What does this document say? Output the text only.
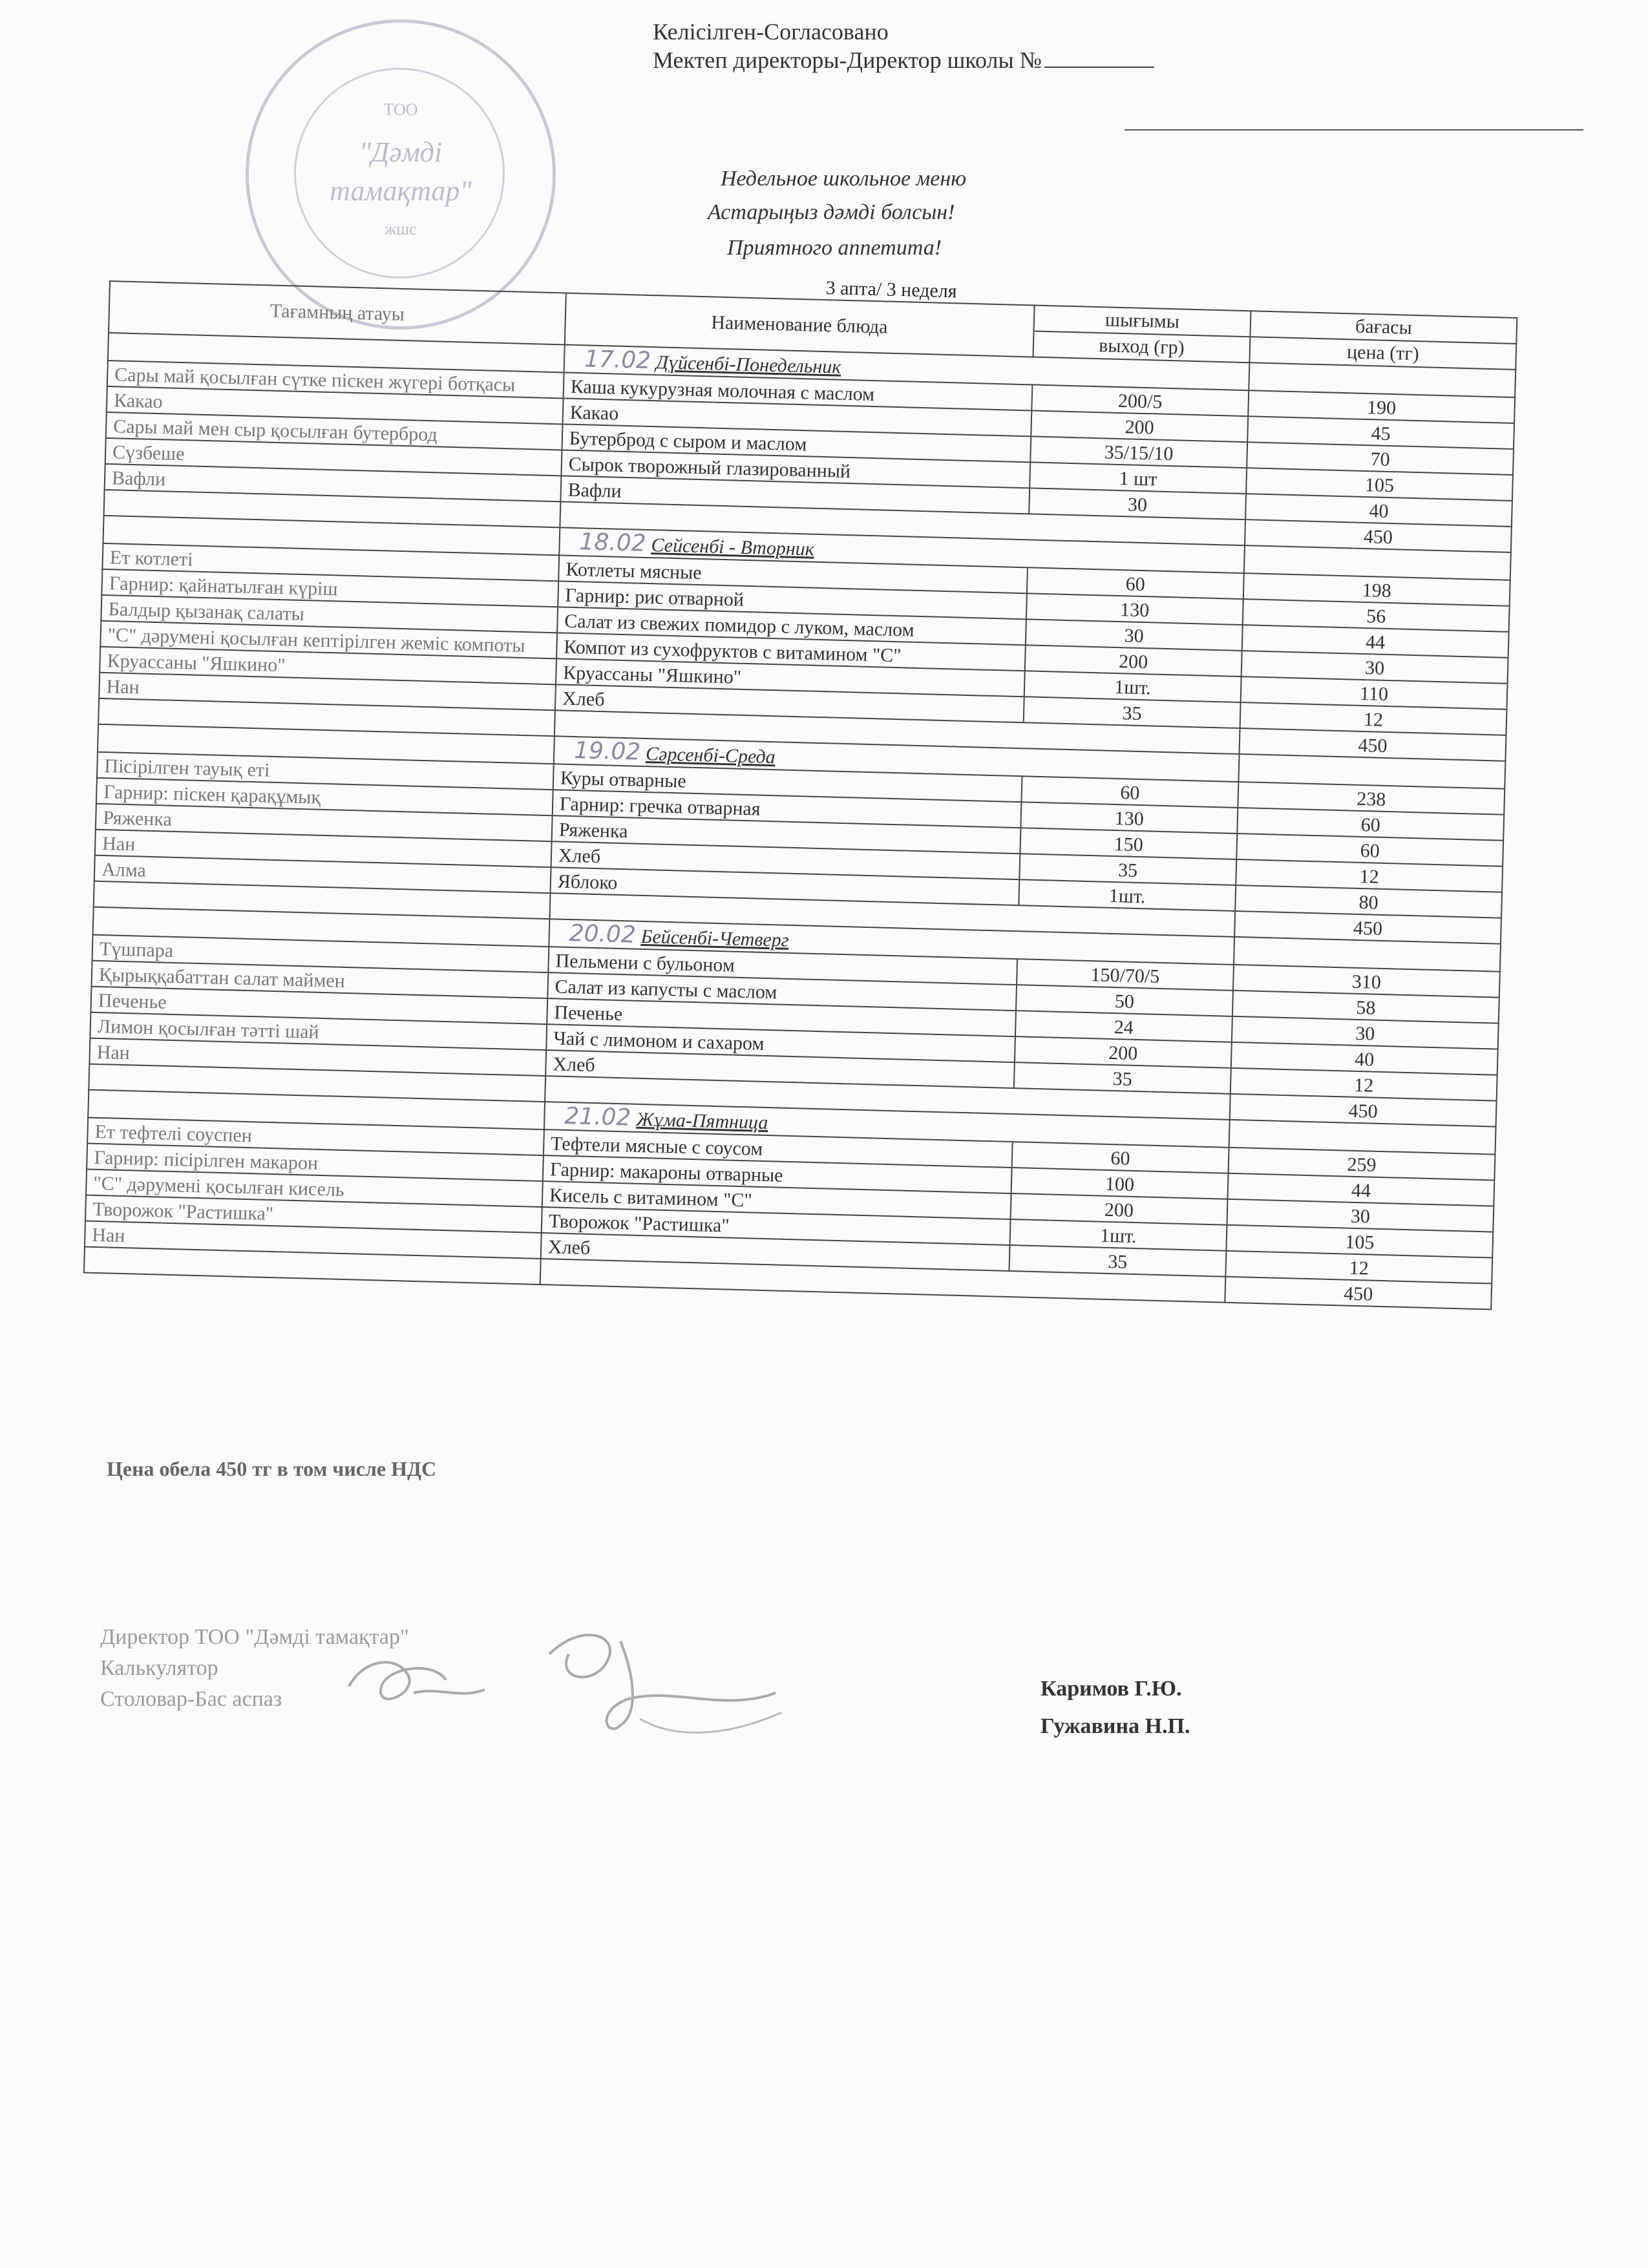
Келісілген-Согласовано
Мектеп директоры-Директор школы №
ТОО
"Дәмді
тамақтар"
жшс
Недельное школьное меню
Астарыңыз дәмді болсын!
Приятного аппетита!
3 апта/ 3 неделя
Тағамның атауы	Наименование блюда	шығымы	бағасы
		выход (гр)	цена (тг)
	17.02 Дүйсенбі-Понедельник		
Сары май қосылған сүтке піскен жүгері ботқасы	Каша кукурузная молочная с маслом	200/5	190
Какао	Какао	200	45
Сары май мен сыр қосылған бутерброд	Бутерброд с сыром и маслом	35/15/10	70
Сүзбеше	Сырок творожный глазированный	1 шт	105
Вафли	Вафли	30	40
			450
	18.02 Сейсенбі - Вторник		
Ет котлеті	Котлеты мясные	60	198
Гарнир: қайнатылған күріш	Гарнир: рис отварной	130	56
Балдыр қызанақ салаты	Салат из свежих помидор с луком, маслом	30	44
"С" дәрумені қосылған кептірілген жеміс компоты	Компот из сухофруктов с витамином "С"	200	30
Круассаны "Яшкино"	Круассаны "Яшкино"	1шт.	110
Нан	Хлеб	35	12
			450
	19.02 Сәрсенбі-Среда		
Пісірілген тауық еті	Куры отварные	60	238
Гарнир: піскен қарақұмық	Гарнир: гречка отварная	130	60
Ряженка	Ряженка	150	60
Нан	Хлеб	35	12
Алма	Яблоко	1шт.	80
			450
	20.02 Бейсенбі-Четверг		
Түшпара	Пельмени с бульоном	150/70/5	310
Қырыққабаттан салат маймен	Салат из капусты с маслом	50	58
Печенье	Печенье	24	30
Лимон қосылған тәтті шай	Чай с лимоном и сахаром	200	40
Нан	Хлеб	35	12
			450
	21.02 Жұма-Пятница		
Ет тефтелі соуспен	Тефтели мясные с соусом	60	259
Гарнир: пісірілген макарон	Гарнир: макароны отварные	100	44
"С" дәрумені қосылған кисель	Кисель с витамином "С"	200	30
Творожок "Растишка"	Творожок "Растишка"	1шт.	105
Нан	Хлеб	35	12
			450
Цена обела 450 тг в том числе НДС
Директор ТОО "Дәмді тамақтар"
Калькулятор
Столовар-Бас аспаз	Каримов Г.Ю.
Гужавина Н.П.
